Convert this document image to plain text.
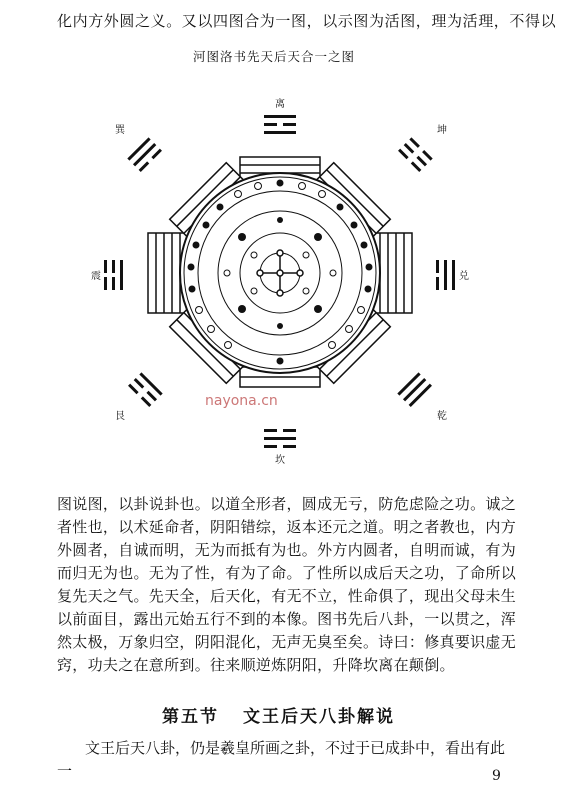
化内方外圆之义。又以四图合为一图，以示图为活图，理为活理，不得以
河图洛书先天后天合一之图
离
坎
震	兑
巽	坤
艮	乾
nayona.cn

图说图，以卦说卦也。以道全形者，圆成无亏，防危虑险之功。诚之者性也，以术延命者，阴阳错综，返本还元之道。明之者教也，内方外圆者，自诚而明，无为而抵有为也。外方内圆者，自明而诚，有为而归无为也。无为了性，有为了命。了性所以成后天之功，了命所以复先天之气。先天全，后天化，有无不立，性命俱了，现出父母未生以前面目，露出元始五行不到的本像。图书先后八卦，一以贯之，浑然太极，万象归空，阴阳混化，无声无臭至矣。诗曰：修真要识虚无窍，功夫之在意所到。往来顺逆炼阴阳，升降坎离在颠倒。

第五节 文王后天八卦解说

文王后天八卦，仍是羲皇所画之卦，不过于已成卦中，看出有此一	9
